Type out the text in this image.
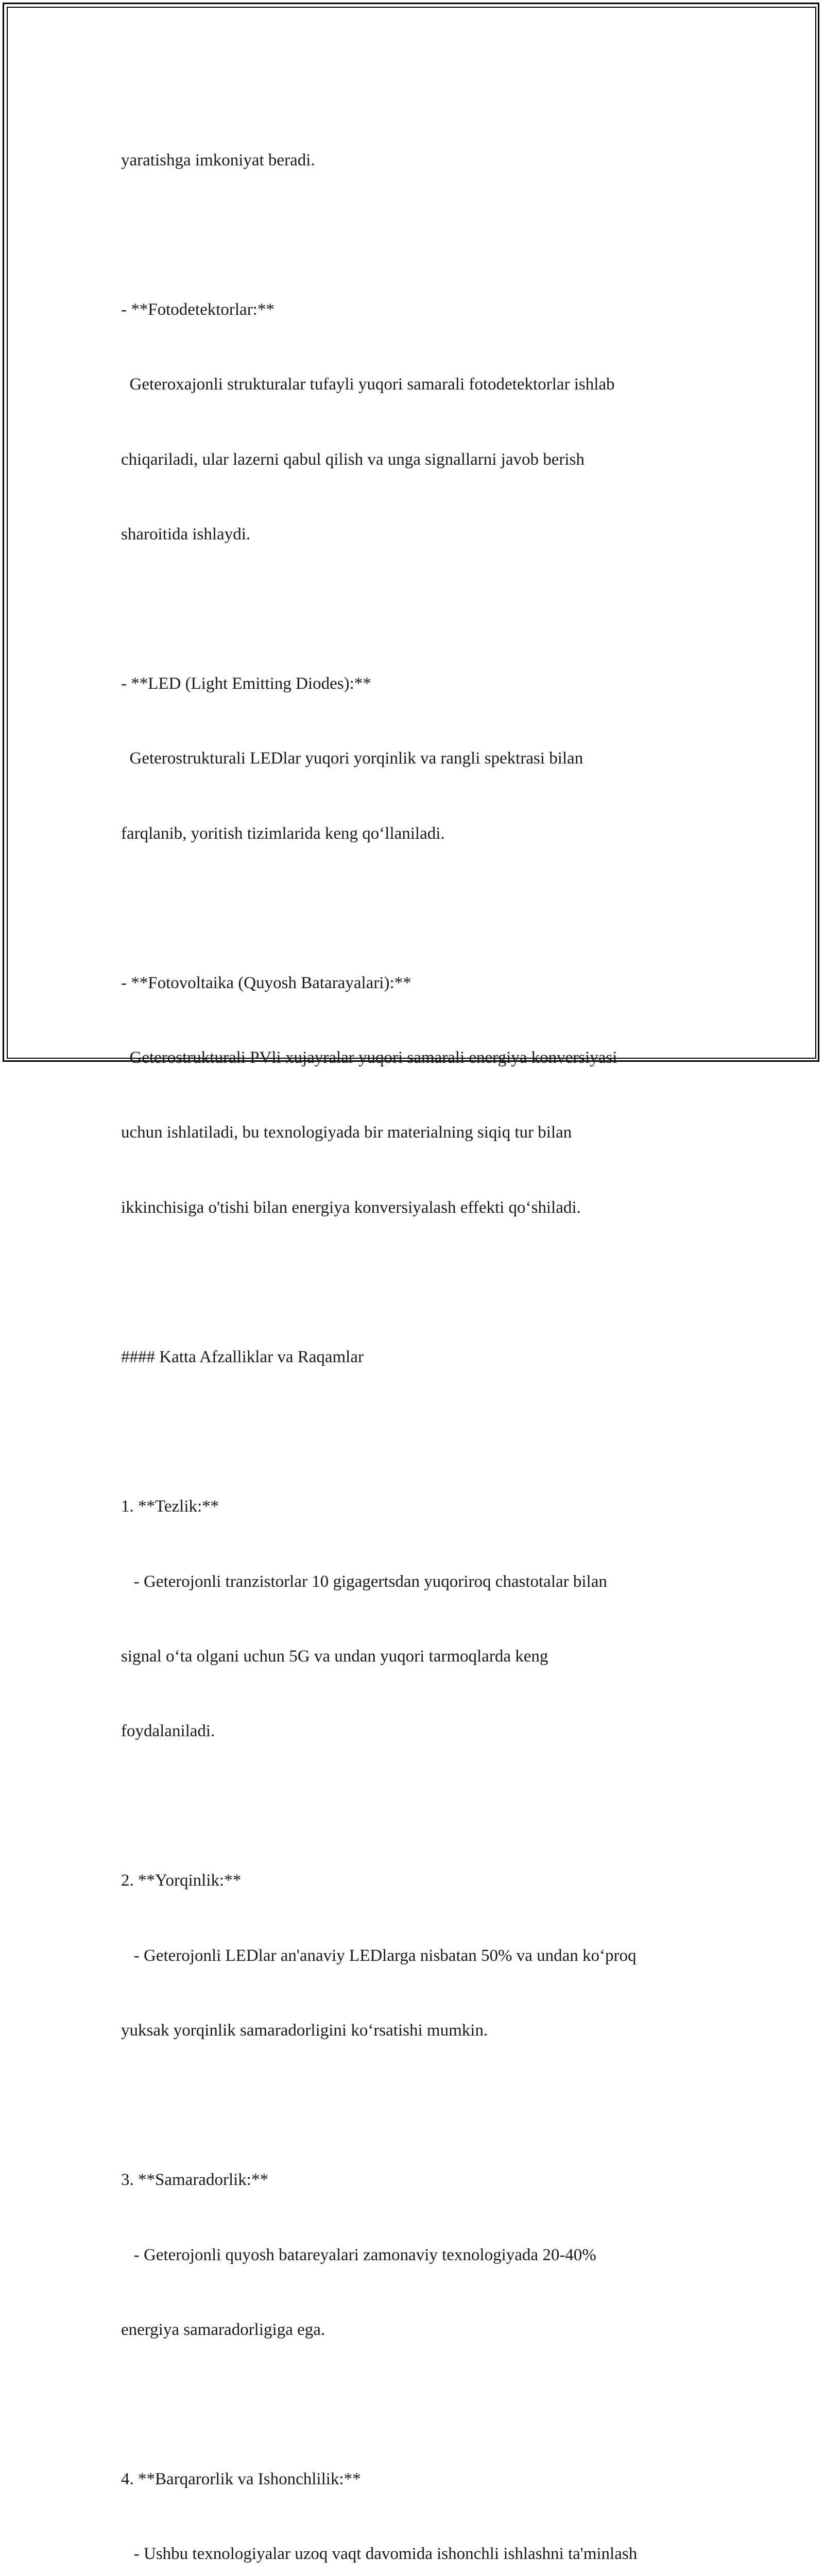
yaratishga imkoniyat beradi.

- **Fotodetektorlar:**

Geteroxajonli strukturalar tufayli yuqori samarali fotodetektorlar ishlab

chiqariladi, ular lazerni qabul qilish va unga signallarni javob berish

sharoitida ishlaydi.

- **LED (Light Emitting Diodes):**

Geterostrukturali LEDlar yuqori yorqinlik va rangli spektrasi bilan

farqlanib, yoritish tizimlarida keng qo‘llaniladi.

- **Fotovoltaika (Quyosh Batarayalari):**

Geterostrukturali PVli xujayralar yuqori samarali energiya konversiyasi

uchun ishlatiladi, bu texnologiyada bir materialning siqiq tur bilan

ikkinchisiga o'tishi bilan energiya konversiyalash effekti qo‘shiladi.

#### Katta Afzalliklar va Raqamlar

1. **Tezlik:**

- Geterojonli tranzistorlar 10 gigagertsdan yuqoriroq chastotalar bilan

signal o‘ta olgani uchun 5G va undan yuqori tarmoqlarda keng

foydalaniladi.

2. **Yorqinlik:**

- Geterojonli LEDlar an'anaviy LEDlarga nisbatan 50% va undan ko‘proq

yuksak yorqinlik samaradorligini ko‘rsatishi mumkin.

3. **Samaradorlik:**

- Geterojonli quyosh batareyalari zamonaviy texnologiyada 20-40%

energiya samaradorligiga ega.

4. **Barqarorlik va Ishonchlilik:**

- Ushbu texnologiyalar uzoq vaqt davomida ishonchli ishlashni ta'minlash
